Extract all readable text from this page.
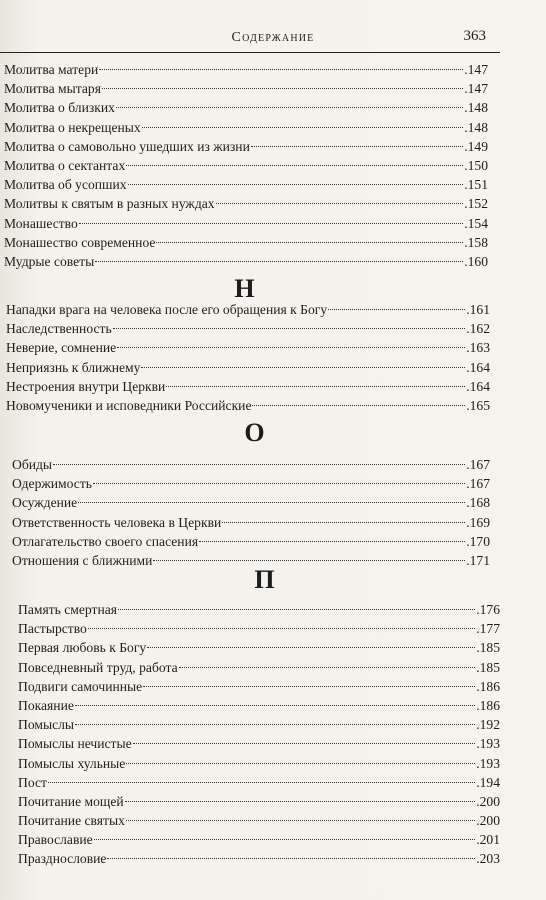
Содержание	363
Молитва матери	.147
Молитва мытаря	.147
Молитва о близких	.148
Молитва о некрещеных	.148
Молитва о самовольно ушедших из жизни	.149
Молитва о сектантах	.150
Молитва об усопших	.151
Молитвы к святым в разных нуждах	.152
Монашество	.154
Монашество современное	.158
Мудрые советы	.160
Н
Нападки врага на человека после его обращения к Богу	.161
Наследственность	.162
Неверие, сомнение	.163
Неприязнь к ближнему	.164
Нестроения внутри Церкви	.164
Новомученики и исповедники Российские	.165
О
Обиды	.167
Одержимость	.167
Осуждение	.168
Ответственность человека в Церкви	.169
Отлагательство своего спасения	.170
Отношения с ближними	.171
П
Память смертная	.176
Пастырство	.177
Первая любовь к Богу	.185
Повседневный труд, работа	.185
Подвиги самочинные	.186
Покаяние	.186
Помыслы	.192
Помыслы нечистые	.193
Помыслы хульные	.193
Пост	.194
Почитание мощей	.200
Почитание святых	.200
Православие	.201
Празднословие	.203
